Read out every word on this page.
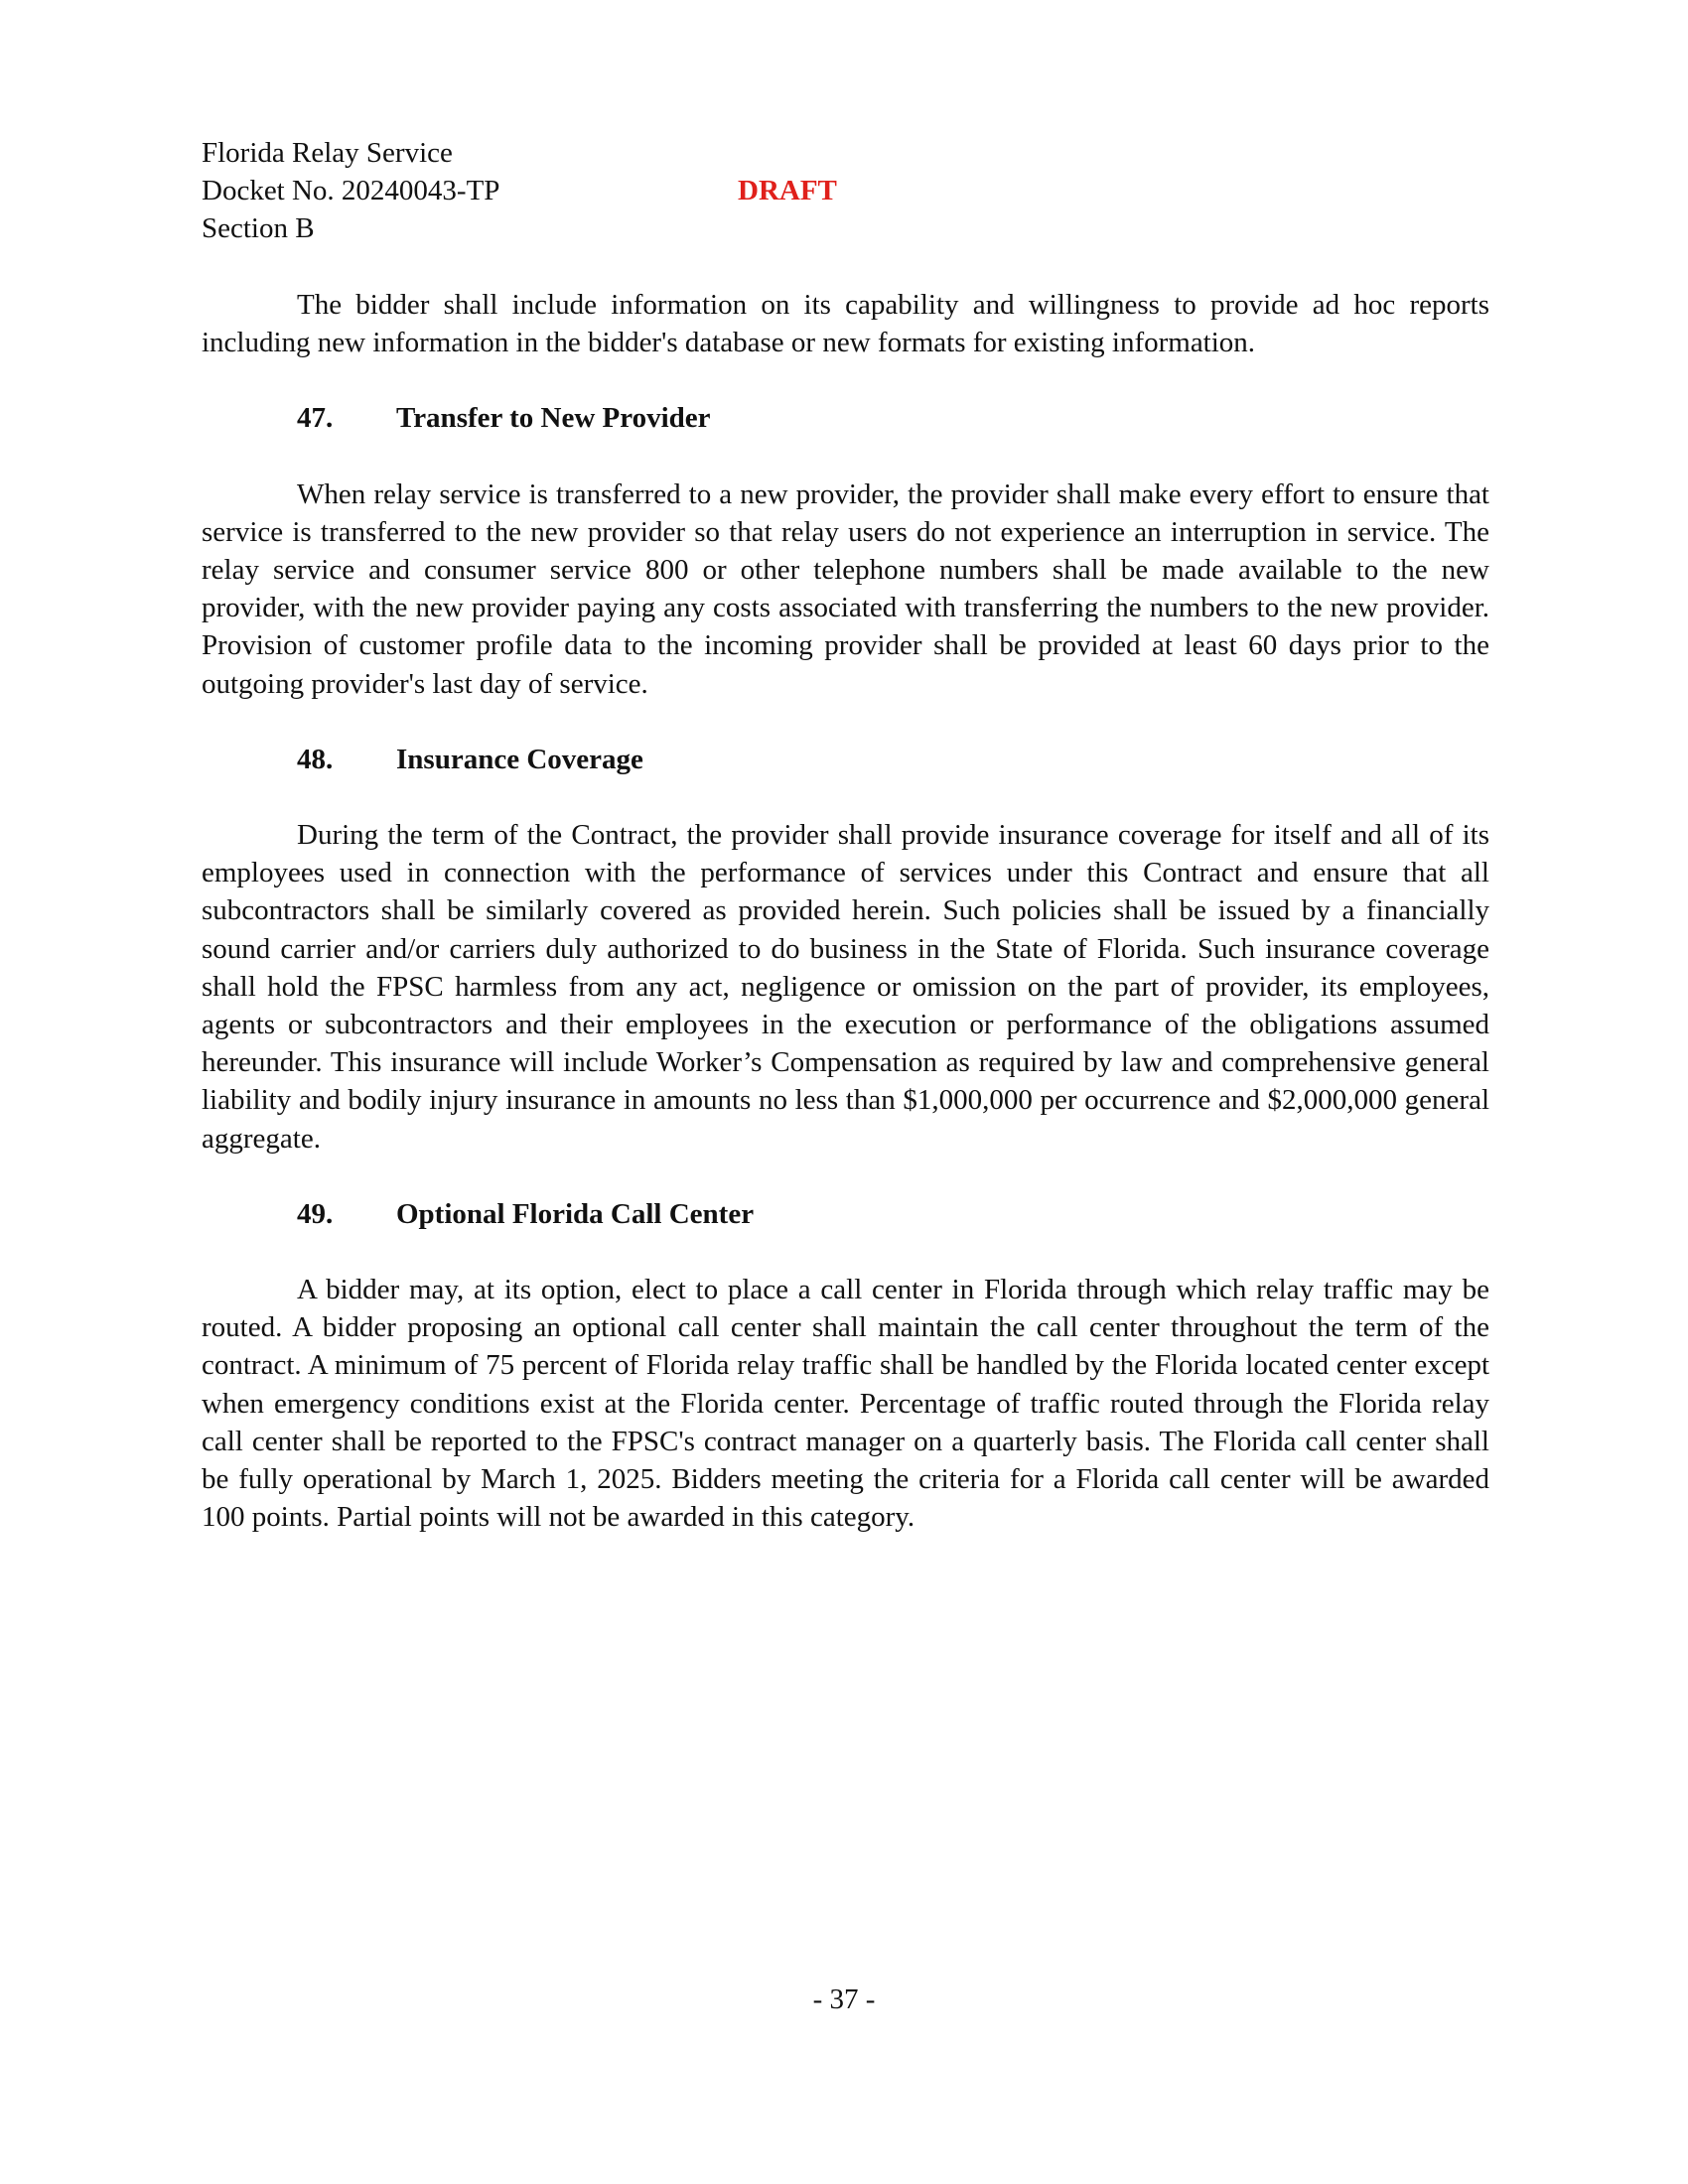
Florida Relay Service
Docket No. 20240043-TP
Section B
DRAFT

The bidder shall include information on its capability and willingness to provide ad hoc reports including new information in the bidder's database or new formats for existing information.

47. Transfer to New Provider

When relay service is transferred to a new provider, the provider shall make every effort to ensure that service is transferred to the new provider so that relay users do not experience an interruption in service. The relay service and consumer service 800 or other telephone numbers shall be made available to the new provider, with the new provider paying any costs associated with transferring the numbers to the new provider. Provision of customer profile data to the incoming provider shall be provided at least 60 days prior to the outgoing provider's last day of service.

48. Insurance Coverage

During the term of the Contract, the provider shall provide insurance coverage for itself and all of its employees used in connection with the performance of services under this Contract and ensure that all subcontractors shall be similarly covered as provided herein. Such policies shall be issued by a financially sound carrier and/or carriers duly authorized to do business in the State of Florida. Such insurance coverage shall hold the FPSC harmless from any act, negligence or omission on the part of provider, its employees, agents or subcontractors and their employees in the execution or performance of the obligations assumed hereunder. This insurance will include Worker’s Compensation as required by law and comprehensive general liability and bodily injury insurance in amounts no less than $1,000,000 per occurrence and $2,000,000 general aggregate.

49. Optional Florida Call Center

A bidder may, at its option, elect to place a call center in Florida through which relay traffic may be routed. A bidder proposing an optional call center shall maintain the call center throughout the term of the contract. A minimum of 75 percent of Florida relay traffic shall be handled by the Florida located center except when emergency conditions exist at the Florida center. Percentage of traffic routed through the Florida relay call center shall be reported to the FPSC's contract manager on a quarterly basis. The Florida call center shall be fully operational by March 1, 2025. Bidders meeting the criteria for a Florida call center will be awarded 100 points. Partial points will not be awarded in this category.

- 37 -
